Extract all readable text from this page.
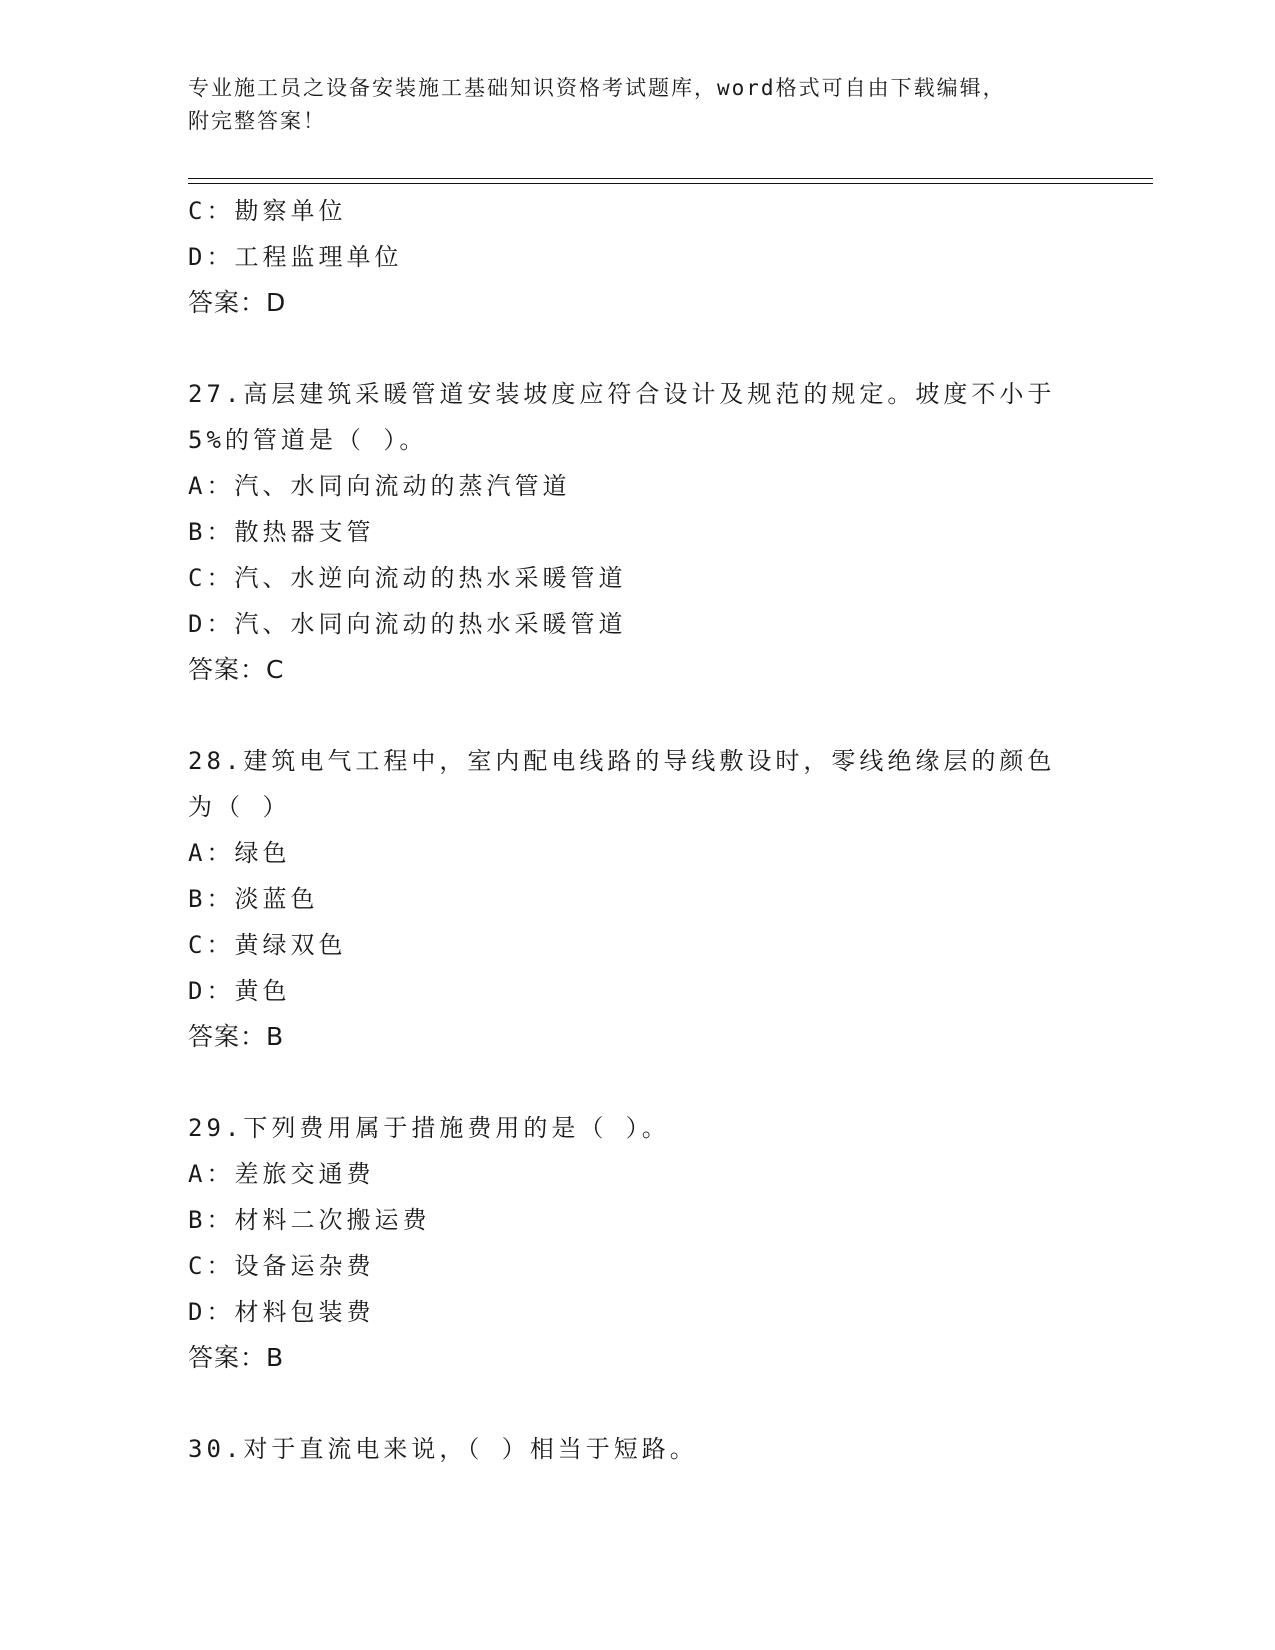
专业施工员之设备安装施工基础知识资格考试题库，word格式可自由下载编辑，
附完整答案！
C：勘察单位
D：工程监理单位
答案：D
27.高层建筑采暖管道安装坡度应符合设计及规范的规定。坡度不小于
5%的管道是（ ）。
A：汽、水同向流动的蒸汽管道
B：散热器支管
C：汽、水逆向流动的热水采暖管道
D：汽、水同向流动的热水采暖管道
答案：C
28.建筑电气工程中，室内配电线路的导线敷设时，零线绝缘层的颜色
为（ ）
A：绿色
B：淡蓝色
C：黄绿双色
D：黄色
答案：B
29.下列费用属于措施费用的是（ ）。
A：差旅交通费
B：材料二次搬运费
C：设备运杂费
D：材料包装费
答案：B
30.对于直流电来说，（ ）相当于短路。
